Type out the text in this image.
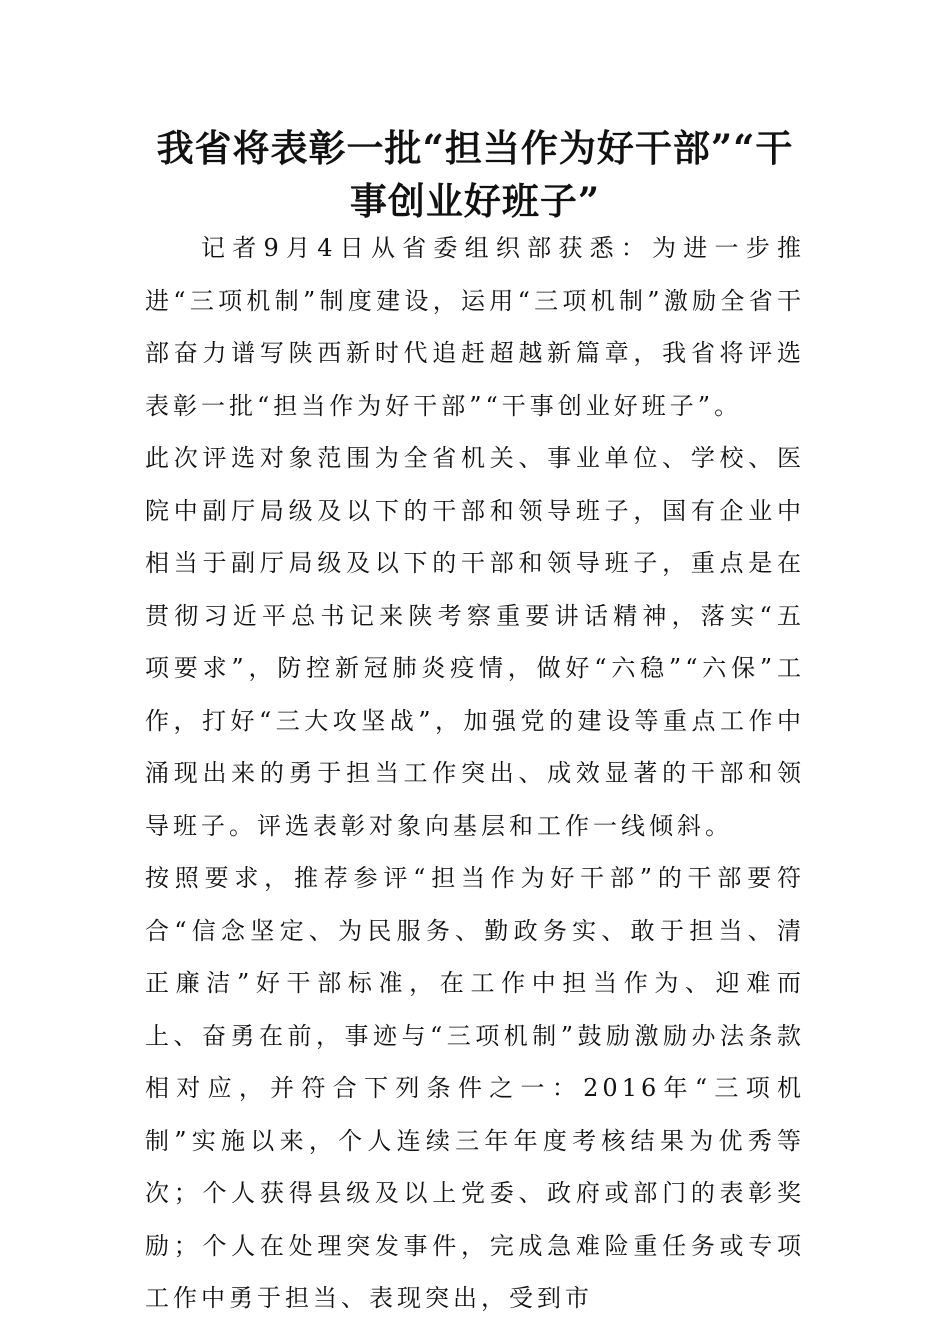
我省将表彰一批“担当作为好干部”“干事创业好班子”

记者9月4日从省委组织部获悉：为进一步推进“三项机制”制度建设，运用“三项机制”激励全省干部奋力谱写陕西新时代追赶超越新篇章，我省将评选表彰一批“担当作为好干部”“干事创业好班子”。

此次评选对象范围为全省机关、事业单位、学校、医院中副厅局级及以下的干部和领导班子，国有企业中相当于副厅局级及以下的干部和领导班子，重点是在贯彻习近平总书记来陕考察重要讲话精神，落实“五项要求”，防控新冠肺炎疫情，做好“六稳”“六保”工作，打好“三大攻坚战”，加强党的建设等重点工作中涌现出来的勇于担当工作突出、成效显著的干部和领导班子。评选表彰对象向基层和工作一线倾斜。

按照要求，推荐参评“担当作为好干部”的干部要符合“信念坚定、为民服务、勤政务实、敢于担当、清正廉洁”好干部标准，在工作中担当作为、迎难而上、奋勇在前，事迹与“三项机制”鼓励激励办法条款相对应，并符合下列条件之一：2016年“三项机制”实施以来，个人连续三年年度考核结果为优秀等次；个人获得县级及以上党委、政府或部门的表彰奖励；个人在处理突发事件，完成急难险重任务或专项工作中勇于担当、表现突出，受到市
